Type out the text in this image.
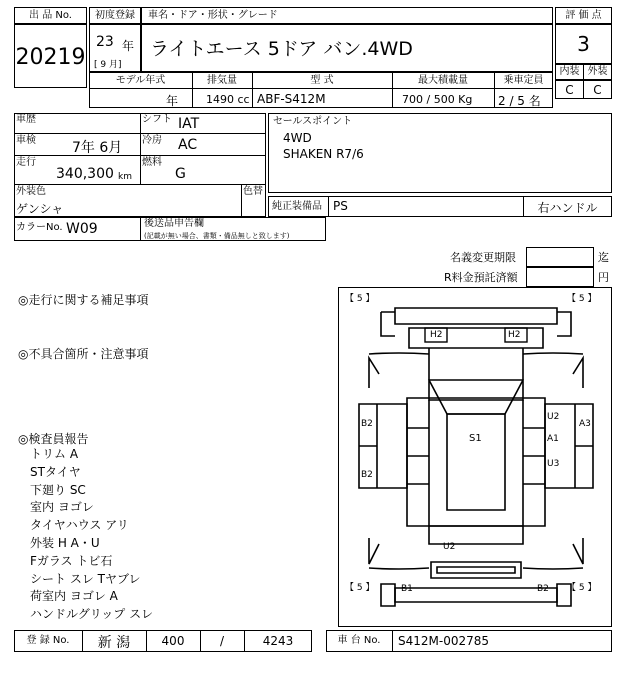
出 品 No.
20219
初度登録
23 年
[ 9 月]
車名・ドア・形状・グレード
ライトエース 5ドア バン.4WD
評 価 点
3
内装 外装
C	C
モデル年式
年
排気量
1490 cc
型 式
ABF-S412M
最大積載量
700 / 500 Kg
乗車定員
2 / 5 名
車歴	シフト IAT
車検	7年 6月 冷房 AC
走行
340,300 km
燃料
G
外装色
ゲンシャ
色替
セールスポイント
4WD
SHAKEN R7/6
純正装備品 PS	右ハンドル
カラーNo. W09	後送品申告欄
(記載が無い場合、書類・備品無しと致します)
名義変更期限	迄
R料金預託済額	円
◎走行に関する補足事項
◎不具合箇所・注意事項
◎検査員報告
トリム A
STタイヤ
下廻り SC
室内 ヨゴレ
タイヤハウス アリ
外装 H A・U
Fガラス トビ石
シート スレ Tヤブレ
荷室内 ヨゴレ A
ハンドルグリップ スレ
【 5 】	【 5 】
【 5 】	【 5 】
H2	H2
B2
B2
S1
U2
A1
A3
U3
U2
B1	B2
登 録 No.	新 潟	400	/	4243	車 台 No.	S412M-002785
